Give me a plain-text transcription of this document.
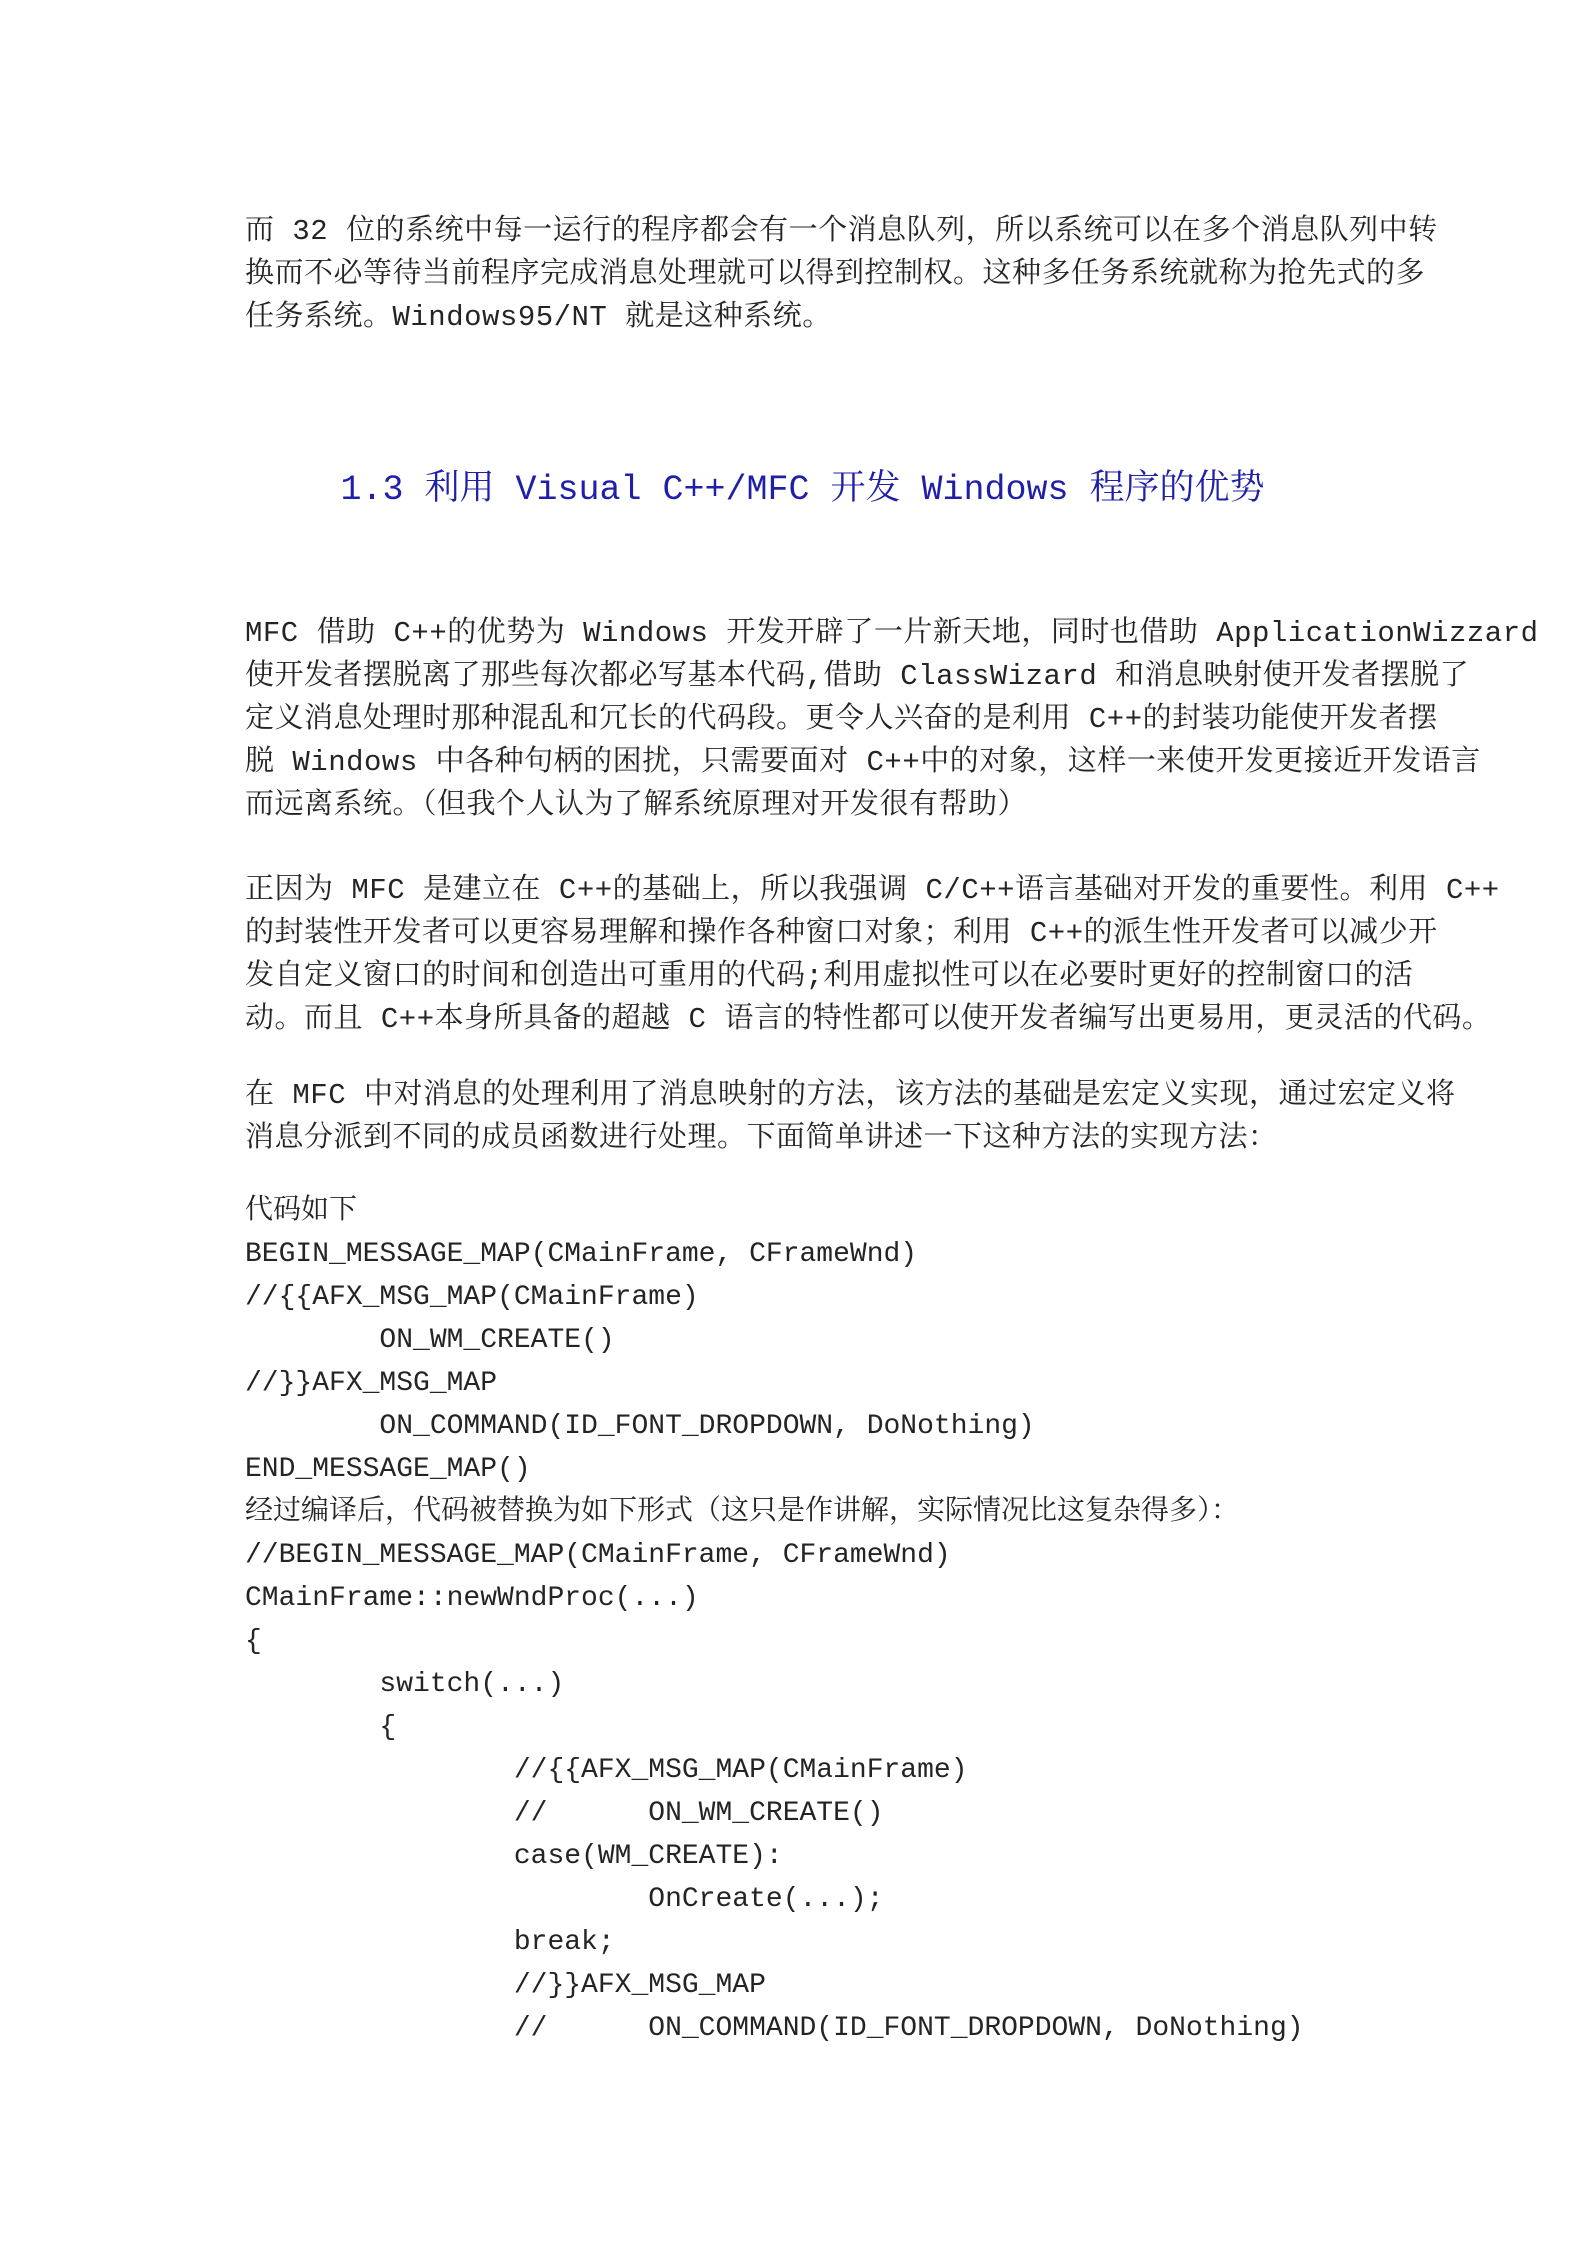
而 32 位的系统中每一运行的程序都会有一个消息队列，所以系统可以在多个消息队列中转
换而不必等待当前程序完成消息处理就可以得到控制权。这种多任务系统就称为抢先式的多
任务系统。Windows95/NT 就是这种系统。
1.3 利用 Visual C++/MFC 开发 Windows 程序的优势
MFC 借助 C++的优势为 Windows 开发开辟了一片新天地，同时也借助 ApplicationWizzard
使开发者摆脱离了那些每次都必写基本代码,借助 ClassWizard 和消息映射使开发者摆脱了
定义消息处理时那种混乱和冗长的代码段。更令人兴奋的是利用 C++的封装功能使开发者摆
脱 Windows 中各种句柄的困扰，只需要面对 C++中的对象，这样一来使开发更接近开发语言
而远离系统。（但我个人认为了解系统原理对开发很有帮助）
正因为 MFC 是建立在 C++的基础上，所以我强调 C/C++语言基础对开发的重要性。利用 C++
的封装性开发者可以更容易理解和操作各种窗口对象；利用 C++的派生性开发者可以减少开
发自定义窗口的时间和创造出可重用的代码;利用虚拟性可以在必要时更好的控制窗口的活
动。而且 C++本身所具备的超越 C 语言的特性都可以使开发者编写出更易用，更灵活的代码。
在 MFC 中对消息的处理利用了消息映射的方法，该方法的基础是宏定义实现，通过宏定义将
消息分派到不同的成员函数进行处理。下面简单讲述一下这种方法的实现方法：
代码如下
BEGIN_MESSAGE_MAP(CMainFrame, CFrameWnd)
//{{AFX_MSG_MAP(CMainFrame)
ON_WM_CREATE()
//}}AFX_MSG_MAP
ON_COMMAND(ID_FONT_DROPDOWN, DoNothing)
END_MESSAGE_MAP()
经过编译后，代码被替换为如下形式（这只是作讲解，实际情况比这复杂得多）：
//BEGIN_MESSAGE_MAP(CMainFrame, CFrameWnd)
CMainFrame::newWndProc(...)
{
switch(...)
{
//{{AFX_MSG_MAP(CMainFrame)
//      ON_WM_CREATE()
case(WM_CREATE):
OnCreate(...);
break;
//}}AFX_MSG_MAP
//      ON_COMMAND(ID_FONT_DROPDOWN, DoNothing)
